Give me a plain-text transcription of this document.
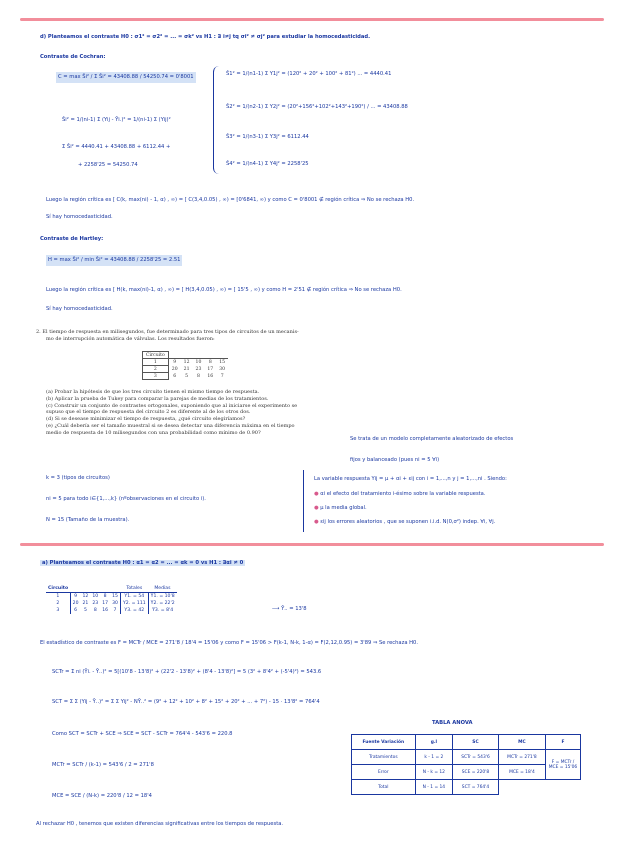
d) Planteamos el contraste H0 : σ1² = σ2² = ... = σk² vs H1 : ∃ i≠j tq σi² ≠ σj² para estudiar la homocedasticidad.
Contraste de Cochran:
C = max Ŝi² / Σ Ŝi² = 43408.88 / 54250.74 = 0'8001
Ŝi² = 1/(ni-1) Σ (Yij - Ȳi.)² = 1/(ni-1) Σ (Yij)²
Σ Ŝi² = 4440.41 + 43408.88 + 6112.44 +
+ 2258'25 = 54250.74
Ŝ1² = 1/(n1-1) Σ Y1j² = (120² + 20² + 100² + 81²) ... = 4440.41
Ŝ2² = 1/(n2-1) Σ Y2j² = (20²+156²+102²+143²+190²) / ... = 43408.88
Ŝ3² = 1/(n3-1) Σ Y3j² = 6112.44
Ŝ4² = 1/(n4-1) Σ Y4j² = 2258'25
Luego la región crítica es [ C(k, max(ni) - 1, α) , ∞) = [ C(3,4,0.05) , ∞) = [0'6841, ∞) y como C = 0'8001 ∉ región crítica ⇒ No se rechaza H0.
Sí hay homocedasticidad.
Contraste de Hartley:
H = max Ŝi² / min Ŝi² = 43408.88 / 2258'25 = 2.51
Luego la región crítica es [ H(k, max(ni)-1, α) , ∞) = [ H(3,4,0.05) , ∞) = [ 15'5 , ∞) y como H = 2'51 ∉ región crítica ⇒ No se rechaza H0.
Sí hay homocedasticidad.
2. El tiempo de respuesta en milisegundos, fue determinado para tres tipos de circuitos de un mecanis-
mo de interrupción automática de válvulas. Los resultados fueron:
Circuito					
1	9	12	10	8	15
2	20	21	23	17	30
3	6	5	8	16	7
(a) Probar la hipótesis de que los tres circuito tienen el mismo tiempo de respuesta.
(b) Aplicar la prueba de Tukey para comparar la parejas de medias de los tratamientos.
(c) Construir un conjunto de contrastes ortogonales, suponiendo que al iniciarse el experimento se
supuso que el tiempo de respuesta del circuito 2 es diferente al de los otros dos.
(d) Si se desease minimizar el tiempo de respuesta, ¿qué circuito elegiríamos?
(e) ¿Cuál debería ser el tamaño muestral si se desea detectar una diferencia máxima en el tiempo
medio de respuesta de 10 milisegundos con una probabilidad como mínimo de 0.90?
Se trata de un modelo completamente aleatorizado de efectos
fijos y balanceado (pues ni = 5 ∀i)
k = 3 (tipos de circuitos)
ni = 5 para todo i∈{1,...,k} (nºobservaciones en el circuito i).
N = 15 (Tamaño de la muestra).
La variable respuesta Yij = μ + αi + εij con i = 1,...,n y j = 1,...,ni . Siendo:
● αi el efecto del tratamiento i-ésimo sobre la variable respuesta.
● μ la media global.
● εij los errores aleatorios , que se suponen i.i.d. N(0,σ²) indep. ∀i, ∀j.
a) Planteamos el contraste H0 : α1 = α2 = ... = αk = 0 vs H1 : ∃αi ≠ 0
Circuito						Totales	Medias
1	9	12	10	8	15	Y1. = 54	Ȳ1. = 10'8
2	20	21	23	17	30	Y2. = 111	Ȳ2. = 22'2
3	6	5	8	16	7	Y3. = 42	Ȳ3. = 8'4	⟶ Ȳ.. = 13'8
El estadístico de contraste es F = MCTr / MCE = 271'8 / 18'4 = 15'06 y como F = 15'06 > F(k-1, N-k, 1-α) = F(2,12,0.95) = 3'89 ⇒ Se rechaza H0.
SCTr = Σ ni (Ȳi. - Ȳ..)² = 5[(10'8 - 13'8)² + (22'2 - 13'8)² + (8'4 - 13'8)²] = 5 (3² + 8'4² + (-5'4)²) = 543.6
SCT = Σ Σ (Yij - Ȳ..)² = Σ Σ Yij² - NȲ..² = (9² + 12² + 10² + 8² + 15² + 20² + ... + 7²) - 15 · 13'8² = 764'4
Como SCT = SCTr + SCE ⇒ SCE = SCT - SCTr = 764'4 - 543'6 = 220.8
MCTr = SCTr / (k-1) = 543'6 / 2 = 271'8
MCE = SCE / (N-k) = 220'8 / 12 = 18'4
TABLA ANOVA
Fuente Variación	g.l	SC	MC	F
Tratamientos	k - 1 = 2	SCTr = 543'6	MCTr = 271'8	F = MCTr / MCE = 15'06
Error	N - k = 12	SCE = 220'8	MCE = 18'4	
Total	N - 1 = 14	SCT = 764'4		
Al rechazar H0 , tenemos que existen diferencias significativas entre los tiempos de respuesta.
